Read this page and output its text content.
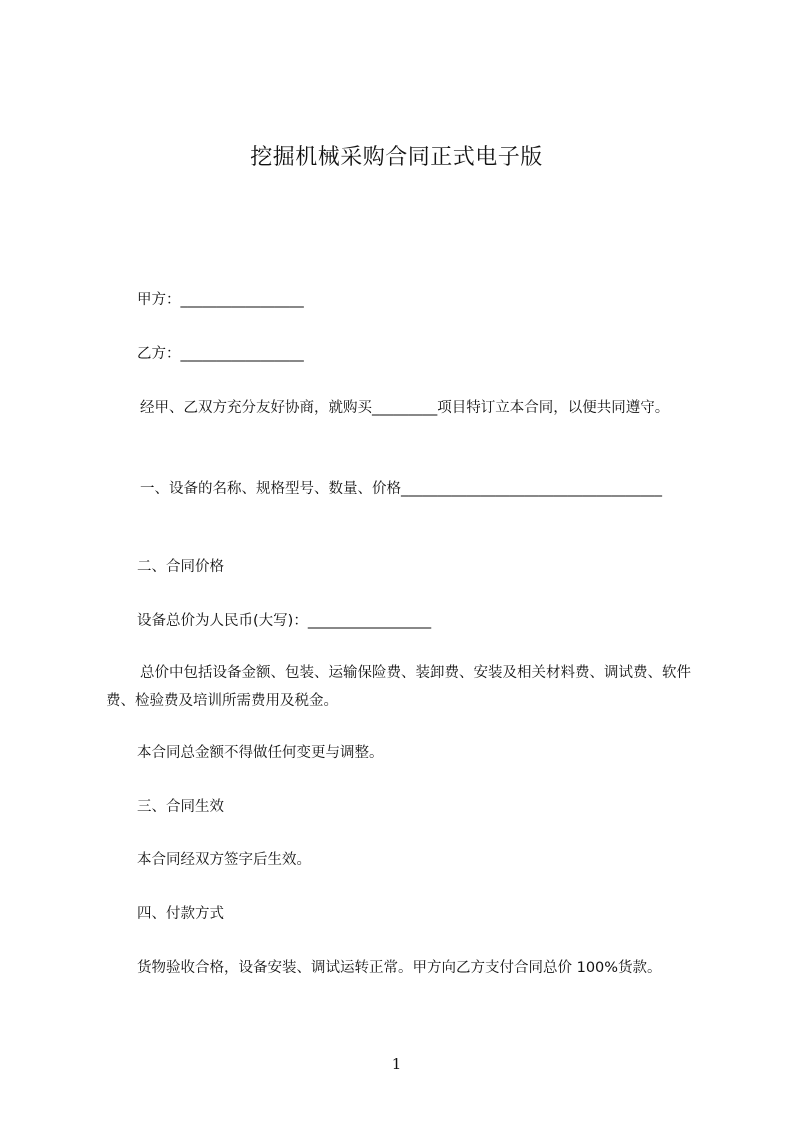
挖掘机械采购合同正式电子版
甲方：_________________
乙方：_________________

经甲、乙双方充分友好协商，就购买_________项目特订立本合同，以便共同遵守。

一、设备的名称、规格型号、数量、价格____________________________________

二、合同价格
设备总价为人民币(大写)：_________________

总价中包括设备金额、包装、运输保险费、装卸费、安装及相关材料费、调试费、软件费、检验费及培训所需费用及税金。

本合同总金额不得做任何变更与调整。
三、合同生效
本合同经双方签字后生效。
四、付款方式
货物验收合格，设备安装、调试运转正常。甲方向乙方支付合同总价 100%货款。
1
